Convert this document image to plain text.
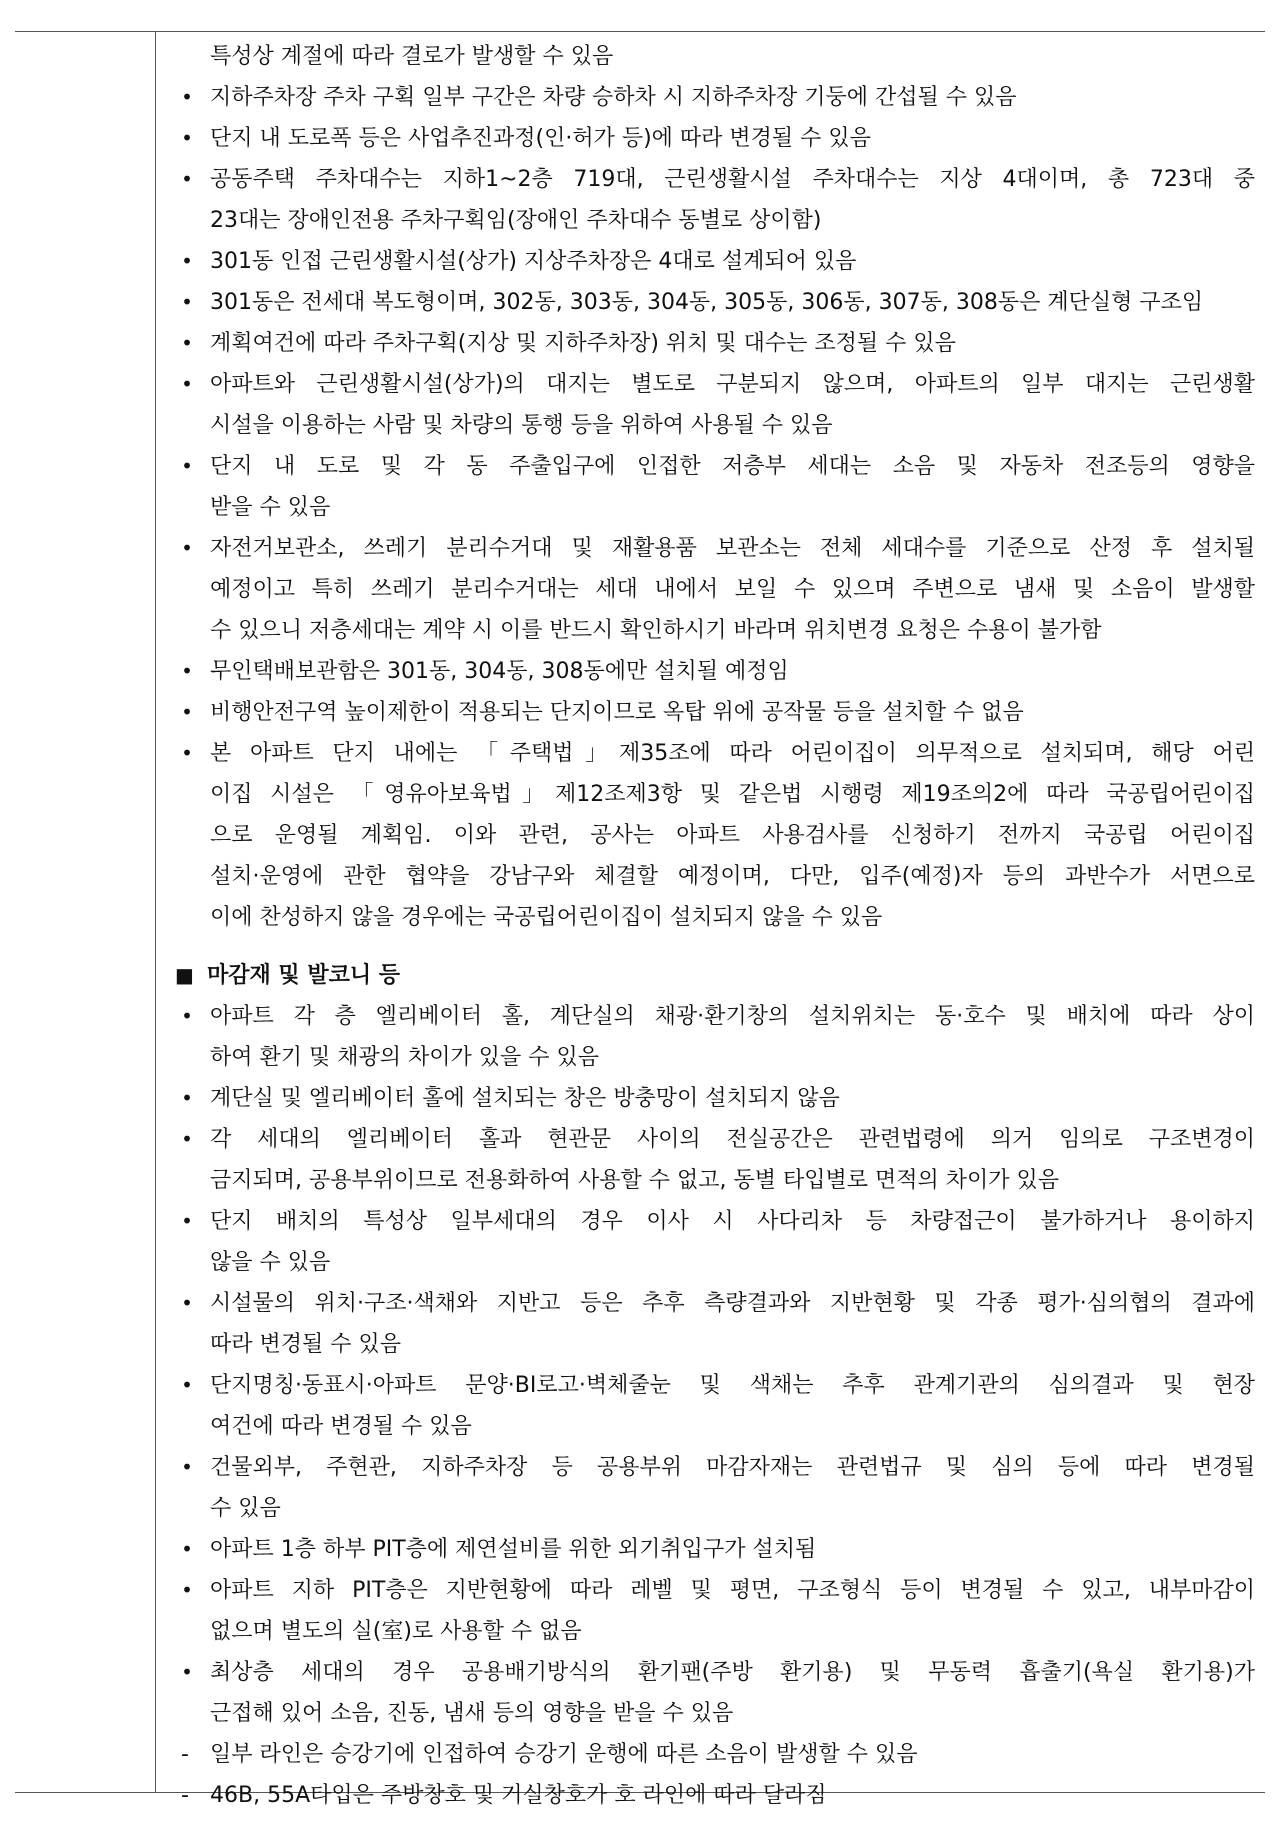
특성상 계절에 따라 결로가 발생할 수 있음
• 지하주차장 주차 구획 일부 구간은 차량 승하차 시 지하주차장 기둥에 간섭될 수 있음
• 단지 내 도로폭 등은 사업추진과정(인·허가 등)에 따라 변경될 수 있음
• 공동주택 주차대수는 지하1~2층 719대, 근린생활시설 주차대수는 지상 4대이며, 총 723대 중
23대는 장애인전용 주차구획임(장애인 주차대수 동별로 상이함)
• 301동 인접 근린생활시설(상가) 지상주차장은 4대로 설계되어 있음
• 301동은 전세대 복도형이며, 302동, 303동, 304동, 305동, 306동, 307동, 308동은 계단실형 구조임
• 계획여건에 따라 주차구획(지상 및 지하주차장) 위치 및 대수는 조정될 수 있음
• 아파트와 근린생활시설(상가)의 대지는 별도로 구분되지 않으며, 아파트의 일부 대지는 근린생활
시설을 이용하는 사람 및 차량의 통행 등을 위하여 사용될 수 있음
• 단지 내 도로 및 각 동 주출입구에 인접한 저층부 세대는 소음 및 자동차 전조등의 영향을
받을 수 있음
• 자전거보관소, 쓰레기 분리수거대 및 재활용품 보관소는 전체 세대수를 기준으로 산정 후 설치될
예정이고 특히 쓰레기 분리수거대는 세대 내에서 보일 수 있으며 주변으로 냄새 및 소음이 발생할
수 있으니 저층세대는 계약 시 이를 반드시 확인하시기 바라며 위치변경 요청은 수용이 불가함
• 무인택배보관함은 301동, 304동, 308동에만 설치될 예정임
• 비행안전구역 높이제한이 적용되는 단지이므로 옥탑 위에 공작물 등을 설치할 수 없음
• 본 아파트 단지 내에는 「주택법」제35조에 따라 어린이집이 의무적으로 설치되며, 해당 어린
이집 시설은 「영유아보육법」제12조제3항 및 같은법 시행령 제19조의2에 따라 국공립어린이집
으로 운영될 계획임. 이와 관련, 공사는 아파트 사용검사를 신청하기 전까지 국공립 어린이집
설치·운영에 관한 협약을 강남구와 체결할 예정이며, 다만, 입주(예정)자 등의 과반수가 서면으로
이에 찬성하지 않을 경우에는 국공립어린이집이 설치되지 않을 수 있음
■ 마감재 및 발코니 등
• 아파트 각 층 엘리베이터 홀, 계단실의 채광·환기창의 설치위치는 동·호수 및 배치에 따라 상이
하여 환기 및 채광의 차이가 있을 수 있음
• 계단실 및 엘리베이터 홀에 설치되는 창은 방충망이 설치되지 않음
• 각 세대의 엘리베이터 홀과 현관문 사이의 전실공간은 관련법령에 의거 임의로 구조변경이
금지되며, 공용부위이므로 전용화하여 사용할 수 없고, 동별 타입별로 면적의 차이가 있음
• 단지 배치의 특성상 일부세대의 경우 이사 시 사다리차 등 차량접근이 불가하거나 용이하지
않을 수 있음
• 시설물의 위치·구조·색채와 지반고 등은 추후 측량결과와 지반현황 및 각종 평가·심의협의 결과에
따라 변경될 수 있음
• 단지명칭·동표시·아파트 문양·BI로고·벽체줄눈 및 색채는 추후 관계기관의 심의결과 및 현장
여건에 따라 변경될 수 있음
• 건물외부, 주현관, 지하주차장 등 공용부위 마감자재는 관련법규 및 심의 등에 따라 변경될
수 있음
• 아파트 1층 하부 PIT층에 제연설비를 위한 외기취입구가 설치됨
• 아파트 지하 PIT층은 지반현황에 따라 레벨 및 평면, 구조형식 등이 변경될 수 있고, 내부마감이
없으며 별도의 실(室)로 사용할 수 없음
• 최상층 세대의 경우 공용배기방식의 환기팬(주방 환기용) 및 무동력 흡출기(욕실 환기용)가
근접해 있어 소음, 진동, 냄새 등의 영향을 받을 수 있음
- 일부 라인은 승강기에 인접하여 승강기 운행에 따른 소음이 발생할 수 있음
- 46B, 55A타입은 주방창호 및 거실창호가 호 라인에 따라 달라짐
